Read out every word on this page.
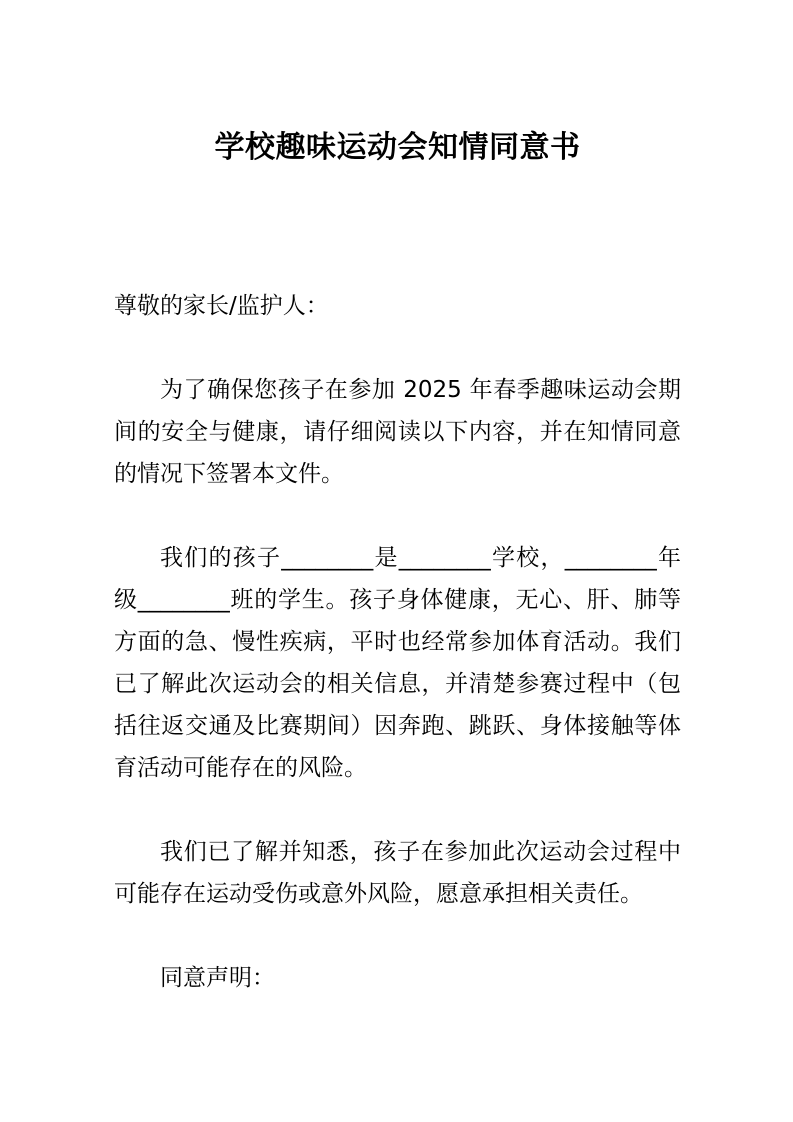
学校趣味运动会知情同意书

尊敬的家长/监护人：

为了确保您孩子在参加 2025 年春季趣味运动会期间的安全与健康，请仔细阅读以下内容，并在知情同意的情况下签署本文件。

我们的孩子________是________学校，________年级________班的学生。孩子身体健康，无心、肝、肺等方面的急、慢性疾病，平时也经常参加体育活动。我们已了解此次运动会的相关信息，并清楚参赛过程中（包括往返交通及比赛期间）因奔跑、跳跃、身体接触等体育活动可能存在的风险。

我们已了解并知悉，孩子在参加此次运动会过程中可能存在运动受伤或意外风险，愿意承担相关责任。

同意声明：
